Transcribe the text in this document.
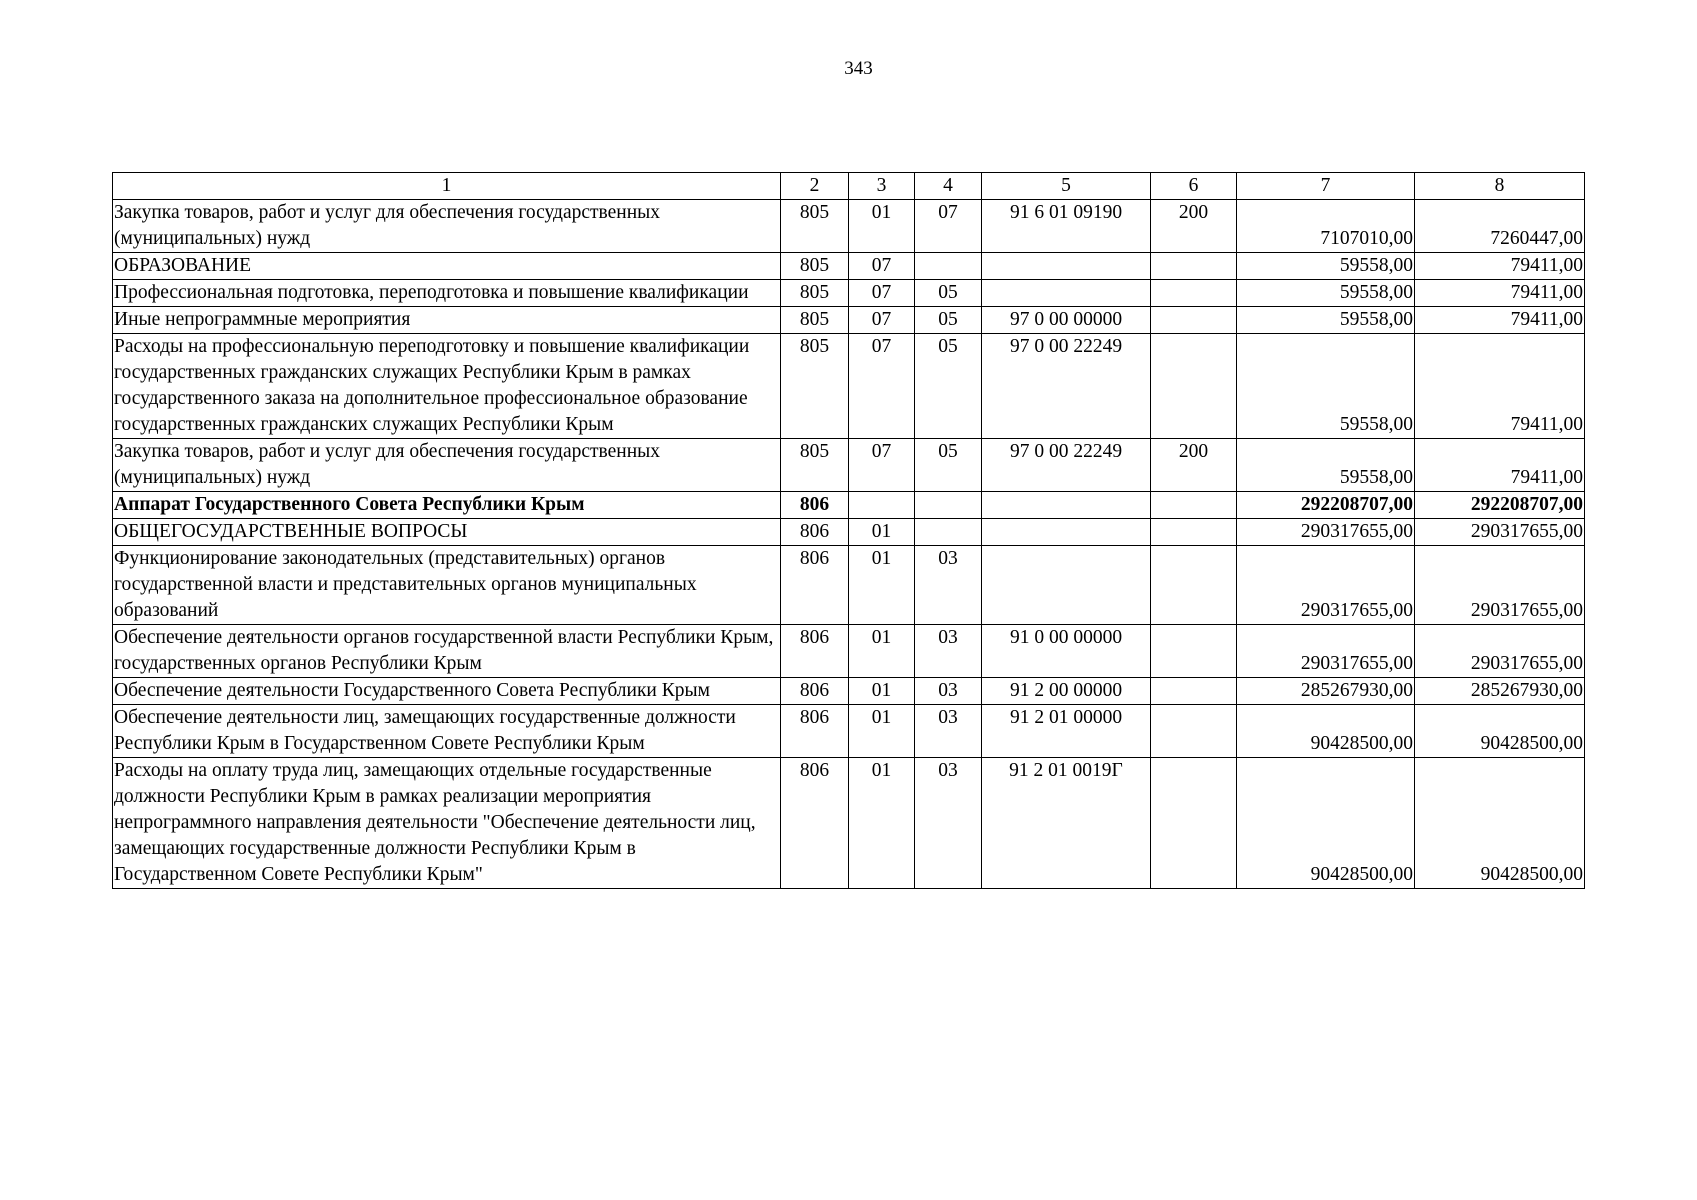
343
1	2	3	4	5	6	7	8
Закупка товаров, работ и услуг для обеспечения государственных (муниципальных) нужд	805	01	07	91 6 01 09190	200	7107010,00	7260447,00
ОБРАЗОВАНИЕ	805	07				59558,00	79411,00
Профессиональная подготовка, переподготовка и повышение квалификации	805	07	05			59558,00	79411,00
Иные непрограммные мероприятия	805	07	05	97 0 00 00000		59558,00	79411,00
Расходы на профессиональную переподготовку и повышение квалификации государственных гражданских служащих Республики Крым в рамках государственного заказа на дополнительное профессиональное образование государственных гражданских служащих Республики Крым	805	07	05	97 0 00 22249		59558,00	79411,00
Закупка товаров, работ и услуг для обеспечения государственных (муниципальных) нужд	805	07	05	97 0 00 22249	200	59558,00	79411,00
Аппарат Государственного Совета Республики Крым	806					292208707,00	292208707,00
ОБЩЕГОСУДАРСТВЕННЫЕ ВОПРОСЫ	806	01				290317655,00	290317655,00
Функционирование законодательных (представительных) органов государственной власти и представительных органов муниципальных образований	806	01	03			290317655,00	290317655,00
Обеспечение деятельности органов государственной власти Республики Крым, государственных органов Республики Крым	806	01	03	91 0 00 00000		290317655,00	290317655,00
Обеспечение деятельности Государственного Совета Республики Крым	806	01	03	91 2 00 00000		285267930,00	285267930,00
Обеспечение деятельности лиц, замещающих государственные должности Республики Крым в Государственном Совете Республики Крым	806	01	03	91 2 01 00000		90428500,00	90428500,00
Расходы на оплату труда лиц, замещающих отдельные государственные должности Республики Крым в рамках реализации мероприятия непрограммного направления деятельности "Обеспечение деятельности лиц, замещающих государственные должности Республики Крым в Государственном Совете Республики Крым"	806	01	03	91 2 01 0019Г		90428500,00	90428500,00
